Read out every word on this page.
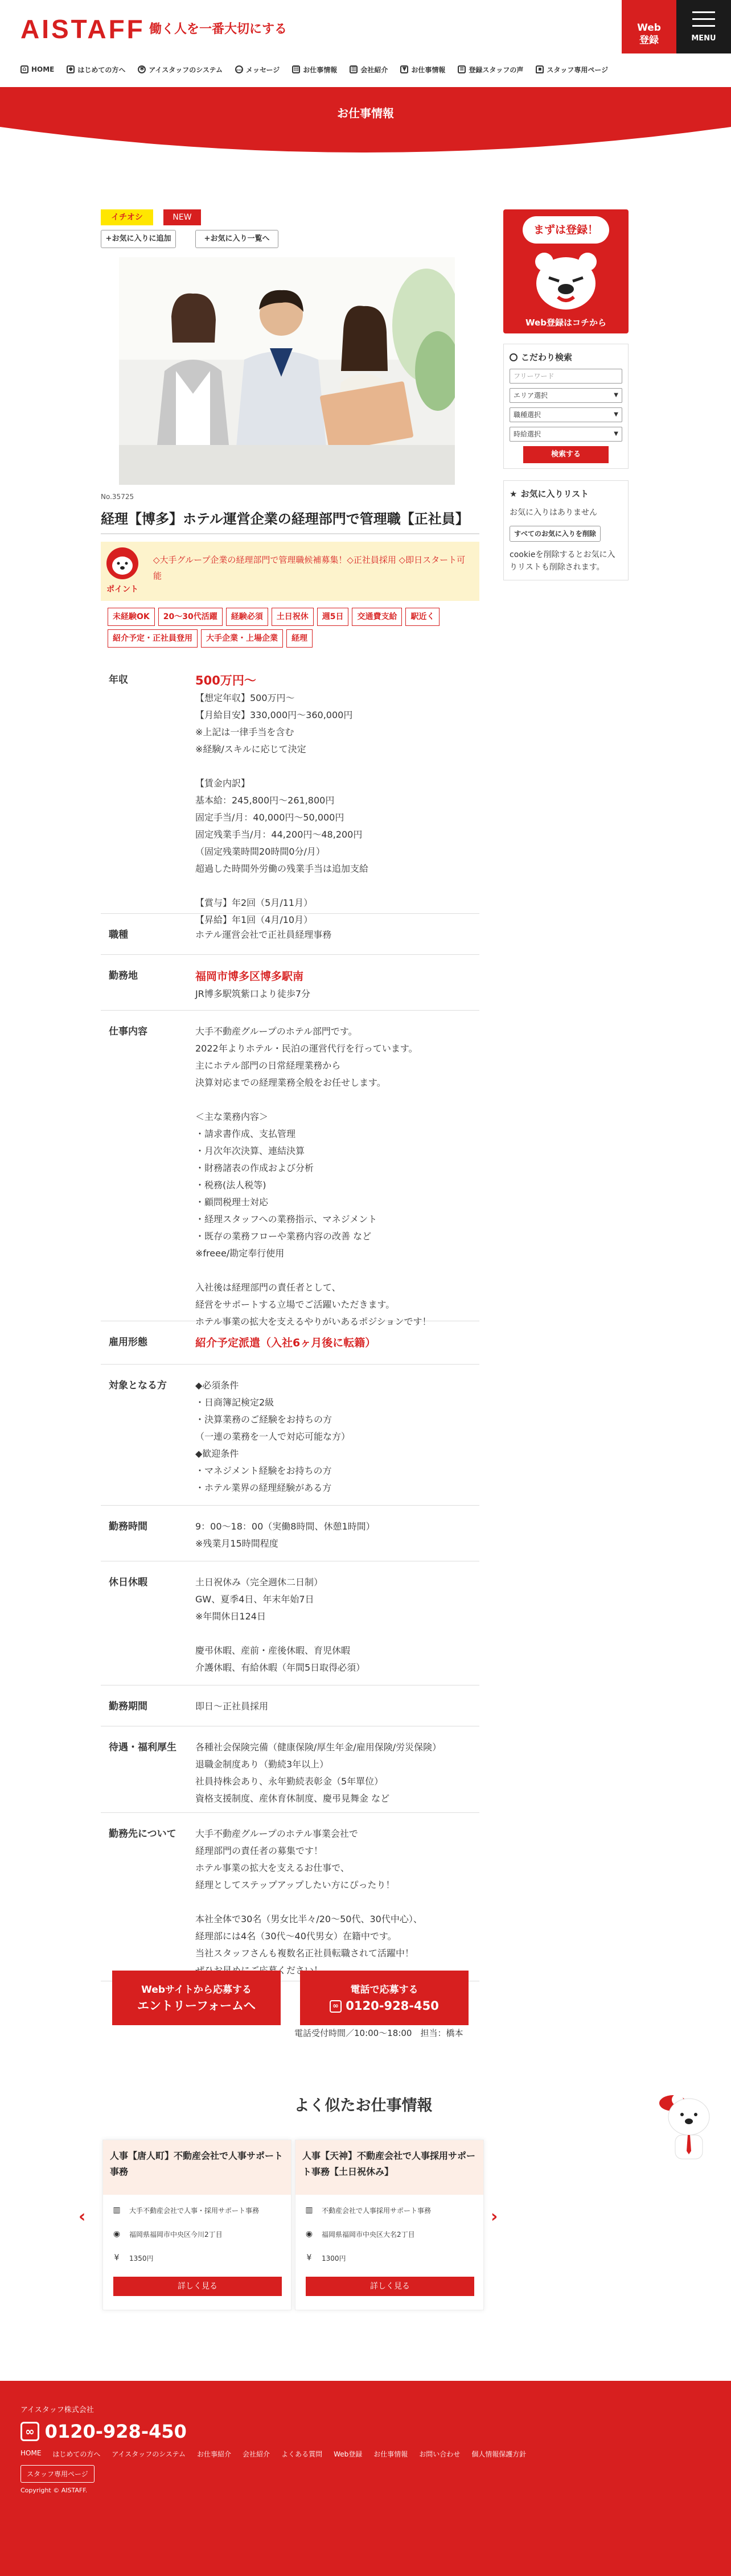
AISTAFF 働く人を一番大切にする	Web
登録	MENU
⌂ HOME	◆ はじめての方へ ✱ アイスタッフのシステム … メッセージ ▤ お仕事情報 ▥ 会社紹介	▼ お仕事情報 ≡ 登録スタッフの声	▪ スタッフ専用ページ
お仕事情報
イチオシ	NEW
+お気に入りに追加	+お気に入り一覧へ
No.35725
経理【博多】ホテル運営企業の経理部門で管理職【正社員】
ポイント
◇大手グループ企業の経理部門で管理職候補募集！◇正社員採用 ◇即日スタート可能
未経験OK	20〜30代活躍	経験必須	土日祝休	週5日	交通費支給	駅近く
紹介予定・正社員登用	大手企業・上場企業	経理
年収	500万円〜
【想定年収】500万円〜
【月給目安】330,000円〜360,000円
※上記は一律手当を含む
※経験/スキルに応じて決定

【賃金内訳】
基本給：245,800円〜261,800円
固定手当/月：40,000円〜50,000円
固定残業手当/月：44,200円〜48,200円
（固定残業時間20時間0分/月）
超過した時間外労働の残業手当は追加支給

【賞与】年2回（5月/11月）
【昇給】年1回（4月/10月）
職種	ホテル運営会社で正社員経理事務
勤務地	福岡市博多区博多駅南
JR博多駅筑紫口より徒歩7分
仕事内容	大手不動産グループのホテル部門です。
2022年よりホテル・民泊の運営代行を行っています。
主にホテル部門の日常経理業務から
決算対応までの経理業務全般をお任せします。

＜主な業務内容＞
・請求書作成、支払管理
・月次年次決算、連結決算
・財務諸表の作成および分析
・税務(法人税等)
・顧問税理士対応
・経理スタッフへの業務指示、マネジメント
・既存の業務フローや業務内容の改善 など
※freee/勘定奉行使用

入社後は経理部門の責任者として、
経営をサポートする立場でご活躍いただきます。
ホテル事業の拡大を支えるやりがいあるポジションです！
雇用形態	紹介予定派遣（入社6ヶ月後に転籍）
対象となる方	◆必須条件
・日商簿記検定2級
・決算業務のご経験をお持ちの方
（一連の業務を一人で対応可能な方）
◆歓迎条件
・マネジメント経験をお持ちの方
・ホテル業界の経理経験がある方
勤務時間	9：00〜18：00（実働8時間、休憩1時間）
※残業月15時間程度
休日休暇	土日祝休み（完全週休二日制）
GW、夏季4日、年末年始7日
※年間休日124日

慶弔休暇、産前・産後休暇、育児休暇
介護休暇、有給休暇（年間5日取得必須）
勤務期間	即日〜正社員採用
待遇・福利厚生	各種社会保険完備（健康保険/厚生年金/雇用保険/労災保険）
退職金制度あり（勤続3年以上）
社員持株会あり、永年勤続表彰金（5年單位）
資格支援制度、産休育休制度、慶弔見舞金 など
勤務先について	大手不動産グループのホテル事業会社で
経理部門の責任者の募集です！
ホテル事業の拡大を支えるお仕事で、
経理としてステップアップしたい方にぴったり！

本社全体で30名（男女比半々/20〜50代、30代中心）、
経理部には4名（30代〜40代男女）在籍中です。
当社スタッフさんも複数名正社員転職されて活躍中！

Webサイトから応募する
エントリーフォームへ
電話で応募する
∞ 0120-928-450
電話受付時間／10:00〜18:00　担当：橋本
まずは登録！
Web登録はコチから
こだわり検索
フリーワード
エリア選択	▼
職種選択	▼
時給選択	▼
検索する
★ お気に入りリスト
お気に入りはありません
すべてのお気に入りを削除
cookieを削除するとお気に入りリストも削除されます。
よく似たお仕事情報
‹	›
人事【唐人町】不動産会社で人事サポート事務
▥ 大手不動産会社で人事・採用サポート事務
◉ 福岡県福岡市中央区今川2丁目
¥ 1350円
詳しく見る
人事【天神】不動産会社で人事採用サポート事務【土日祝休み】
▥ 不動産会社で人事採用サポート事務
◉ 福岡県福岡市中央区大名2丁目
¥ 1300円
詳しく見る
アイスタッフ株式会社
∞ 0120-928-450
HOME はじめての方へ アイスタッフのシステム お仕事紹介 会社紹介 よくある質問 Web登録 お仕事情報 お問い合わせ 個人情報保護方針
スタッフ専用ページ
Copyright © AISTAFF.
